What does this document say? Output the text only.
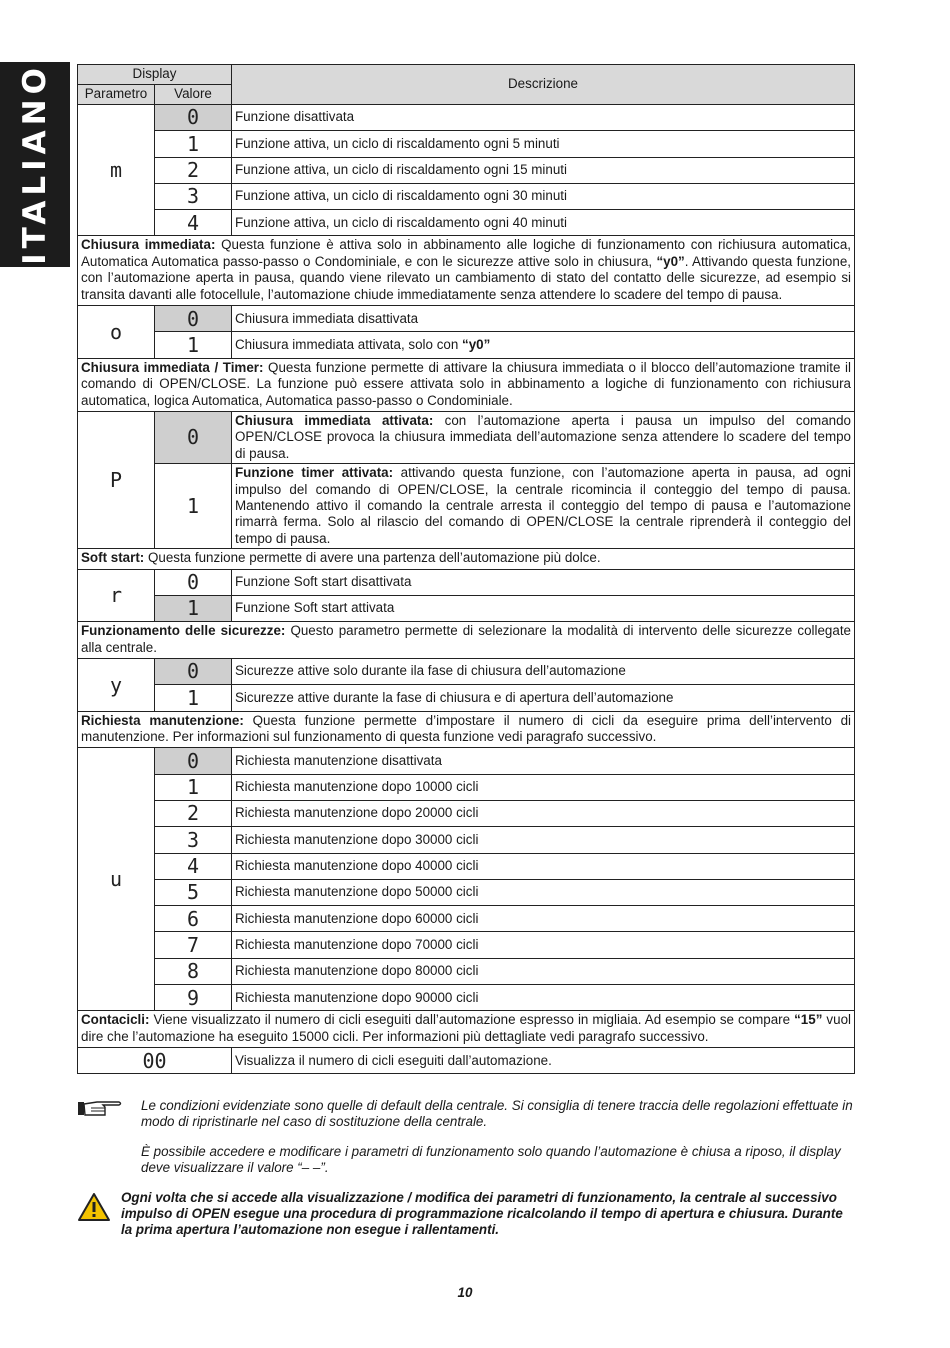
ITALIANO	Display		Descrizione
Parametro	Valore	
m	0	Funzione disattivata
	1	Funzione attiva, un ciclo di riscaldamento ogni 5 minuti
	2	Funzione attiva, un ciclo di riscaldamento ogni 15 minuti
	3	Funzione attiva, un ciclo di riscaldamento ogni 30 minuti
	4	Funzione attiva, un ciclo di riscaldamento ogni 40 minuti
Chiusura immediata: Questa funzione è attiva solo in abbinamento alle logiche di funzionamento con richiusura automatica, Automatica Automatica passo-passo o Condominiale, e con le sicurezze attive solo in chiusura, “y0”. Attivando questa funzione, con l’automazione aperta in pausa, quando viene rilevato un cambiamento di stato del contatto delle sicurezze, ad esempio si transita davanti alle fotocellule, l’automazione chiude immediatamente senza attendere lo scadere del tempo di pausa.		
o	0	Chiusura immediata disattivata
	1	Chiusura immediata attivata, solo con “y0”
Chiusura immediata / Timer: Questa funzione permette di attivare la chiusura immediata o il blocco dell’automazione tramite il comando di OPEN/CLOSE. La funzione può essere attivata solo in abbinamento a logiche di funzionamento con richiusura automatica, logica Automatica, Automatica passo-passo o Condominiale.		
P	0	Chiusura immediata attivata: con l’automazione aperta i pausa un impulso del comando OPEN/CLOSE provoca la chiusura immediata dell’automazione senza attendere lo scadere del tempo di pausa.
	1	Funzione timer attivata: attivando questa funzione, con l’automazione aperta in pausa, ad ogni impulso del comando di OPEN/CLOSE, la centrale ricomincia il conteggio del tempo di pausa. Mantenendo attivo il comando la centrale arresta il conteggio del tempo di pausa e l’automazione rimarrà ferma. Solo al rilascio del comando di OPEN/CLOSE la centrale riprenderà il conteggio del tempo di pausa.
Soft start: Questa funzione permette di avere una partenza dell’automazione più dolce.		
r	0	Funzione Soft start disattivata
	1	Funzione Soft start attivata
Funzionamento delle sicurezze: Questo parametro permette di selezionare la modalità di intervento delle sicurezze collegate alla centrale.		
y	0	Sicurezze attive solo durante ila fase di chiusura dell’automazione
	1	Sicurezze attive durante la fase di chiusura e di apertura dell’automazione
Richiesta manutenzione: Questa funzione permette d’impostare il numero di cicli da eseguire prima dell’intervento di manutenzione. Per informazioni sul funzionamento di questa funzione vedi paragrafo successivo.		
u	0	Richiesta manutenzione disattivata
	1	Richiesta manutenzione dopo 10000 cicli
	2	Richiesta manutenzione dopo 20000 cicli
	3	Richiesta manutenzione dopo 30000 cicli
	4	Richiesta manutenzione dopo 40000 cicli
	5	Richiesta manutenzione dopo 50000 cicli
	6	Richiesta manutenzione dopo 60000 cicli
	7	Richiesta manutenzione dopo 70000 cicli
	8	Richiesta manutenzione dopo 80000 cicli
	9	Richiesta manutenzione dopo 90000 cicli
Contacicli: Viene visualizzato il numero di cicli eseguiti dall’automazione espresso in migliaia. Ad esempio se compare “15” vuol dire che l’automazione ha eseguito 15000 cicli. Per informazioni più dettagliate vedi paragrafo successivo.		
00		Visualizza il numero di cicli eseguiti dall’automazione.

Le condizioni evidenziate sono quelle di default della centrale. Si consiglia di tenere traccia delle regolazioni effettuate in modo di ripristinarle nel caso di sostituzione della centrale.

È possibile accedere e modificare i parametri di funzionamento solo quando l’automazione è chiusa a riposo, il display deve visualizzare il valore “– –”.

Ogni volta che si accede alla visualizzazione / modifica dei parametri di funzionamento, la centrale al successivo impulso di OPEN esegue una procedura di programmazione ricalcolando il tempo di apertura e chiusura. Durante la prima apertura l’automazione non esegue i rallentamenti.

10
